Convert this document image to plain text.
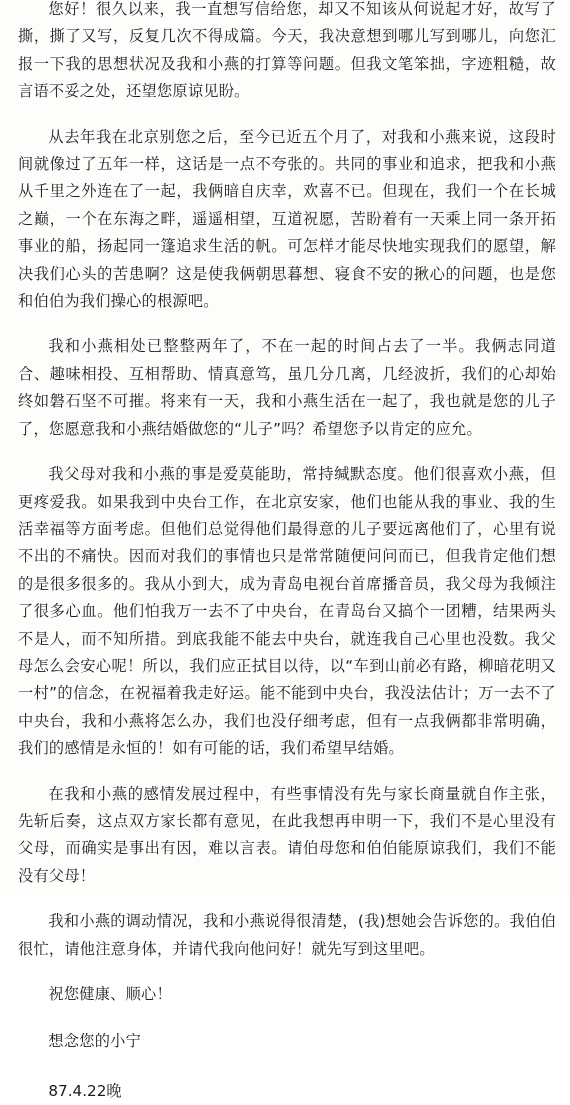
您好！很久以来，我一直想写信给您，却又不知该从何说起才好，故写了撕，撕了又写，反复几次不得成篇。今天，我决意想到哪儿写到哪儿，向您汇报一下我的思想状况及我和小燕的打算等问题。但我文笔笨拙，字迹粗糙，故言语不妥之处，还望您原谅见盼。

从去年我在北京别您之后，至今已近五个月了，对我和小燕来说，这段时间就像过了五年一样，这话是一点不夸张的。共同的事业和追求，把我和小燕从千里之外连在了一起，我俩暗自庆幸，欢喜不已。但现在，我们一个在长城之巅，一个在东海之畔，遥遥相望，互道祝愿，苦盼着有一天乘上同一条开拓事业的船，扬起同一篷追求生活的帆。可怎样才能尽快地实现我们的愿望，解决我们心头的苦患啊？这是使我俩朝思暮想、寝食不安的揪心的问题，也是您和伯伯为我们操心的根源吧。

我和小燕相处已整整两年了，不在一起的时间占去了一半。我俩志同道合、趣味相投、互相帮助、情真意笃，虽几分几离，几经波折，我们的心却始终如磐石坚不可摧。将来有一天，我和小燕生活在一起了，我也就是您的儿子了，您愿意我和小燕结婚做您的“儿子”吗？希望您予以肯定的应允。

我父母对我和小燕的事是爱莫能助，常持缄默态度。他们很喜欢小燕，但更疼爱我。如果我到中央台工作，在北京安家，他们也能从我的事业、我的生活幸福等方面考虑。但他们总觉得他们最得意的儿子要远离他们了，心里有说不出的不痛快。因而对我们的事情也只是常常随便问问而已，但我肯定他们想的是很多很多的。我从小到大，成为青岛电视台首席播音员，我父母为我倾注了很多心血。他们怕我万一去不了中央台，在青岛台又搞个一团糟，结果两头不是人，而不知所措。到底我能不能去中央台，就连我自己心里也没数。我父母怎么会安心呢！所以，我们应正拭目以待，以“车到山前必有路，柳暗花明又一村”的信念，在祝福着我走好运。能不能到中央台，我没法估计；万一去不了中央台，我和小燕将怎么办，我们也没仔细考虑，但有一点我俩都非常明确，我们的感情是永恒的！如有可能的话，我们希望早结婚。

在我和小燕的感情发展过程中，有些事情没有先与家长商量就自作主张，先斩后奏，这点双方家长都有意见，在此我想再申明一下，我们不是心里没有父母，而确实是事出有因，难以言表。请伯母您和伯伯能原谅我们，我们不能没有父母！

我和小燕的调动情况，我和小燕说得很清楚，(我)想她会告诉您的。我伯伯很忙，请他注意身体，并请代我向他问好！就先写到这里吧。

祝您健康、顺心！

想念您的小宁

87.4.22晚
